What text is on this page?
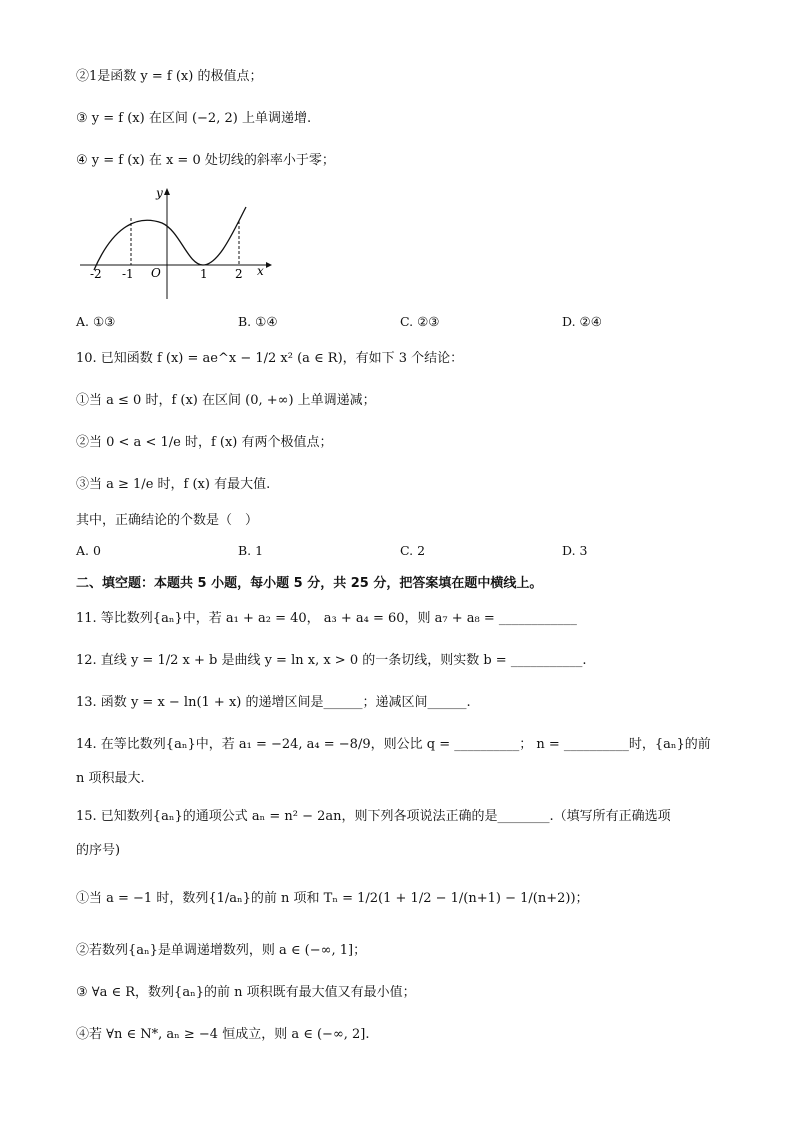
②1是函数 y = f (x) 的极值点；
③ y = f (x) 在区间 (−2, 2) 上单调递增.
④ y = f (x) 在 x = 0 处切线的斜率小于零；
y
x
O
-2 -1	1 2
A. ①③	B. ①④	C. ②③	D. ②④
10. 已知函数 f (x) = ae^x − 1/2 x² (a ∈ R)，有如下 3 个结论：
①当 a ≤ 0 时，f (x) 在区间 (0, +∞) 上单调递减；
②当 0 < a < 1/e 时，f (x) 有两个极值点；
③当 a ≥ 1/e 时，f (x) 有最大值.
其中，正确结论的个数是（　）
A. 0	B. 1	C. 2	D. 3
二、填空题：本题共 5 小题，每小题 5 分，共 25 分，把答案填在题中横线上。
11. 等比数列{aₙ}中，若 a₁ + a₂ = 40， a₃ + a₄ = 60，则 a₇ + a₈ = ____________
12. 直线 y = 1/2 x + b 是曲线 y = ln x, x > 0 的一条切线，则实数 b = ___________.
13. 函数 y = x − ln(1 + x) 的递增区间是______；递减区间______.
14. 在等比数列{aₙ}中，若 a₁ = −24, a₄ = −8/9，则公比 q = __________； n = __________时，{aₙ}的前
n 项积最大.
15. 已知数列{aₙ}的通项公式 aₙ = n² − 2an，则下列各项说法正确的是________.（填写所有正确选项
的序号)
①当 a = −1 时，数列{1/aₙ}的前 n 项和 Tₙ = 1/2(1 + 1/2 − 1/(n+1) − 1/(n+2))；
②若数列{aₙ}是单调递增数列，则 a ∈ (−∞, 1]；
③ ∀a ∈ R，数列{aₙ}的前 n 项积既有最大值又有最小值；
④若 ∀n ∈ N*, aₙ ≥ −4 恒成立，则 a ∈ (−∞, 2].
